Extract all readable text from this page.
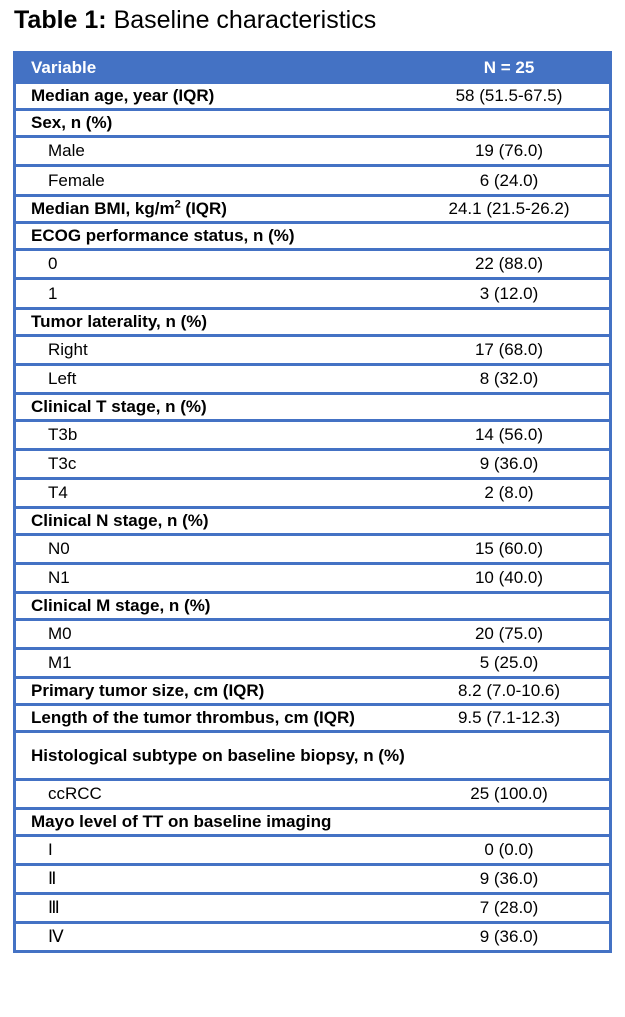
Table 1: Baseline characteristics
Variable	N = 25
Median age, year (IQR)	58 (51.5-67.5)
Sex, n (%)
Male	19 (76.0)
Female	6 (24.0)
Median BMI, $kg/m^2$ (IQR)	24.1 (21.5-26.2)
ECOG performance status, n (%)
0	22 (88.0)
1	3 (12.0)
Tumor laterality, n (%)
Right	17 (68.0)
Left	8 (32.0)
Clinical T stage, n (%)
T3b	14 (56.0)
T3c	9 (36.0)
T4	2 (8.0)
Clinical N stage, n (%)
N0	15 (60.0)
N1	10 (40.0)
Clinical M stage, n (%)
M0	20 (75.0)
M1	5 (25.0)
Primary tumor size, cm (IQR)	8.2 (7.0-10.6)
Length of the tumor thrombus, cm (IQR)	9.5 (7.1-12.3)
Histological subtype on baseline biopsy, n (%)
ccRCC	25 (100.0)
Mayo level of TT on baseline imaging
I	0 (0.0)
Ⅱ	9 (36.0)
Ⅲ	7 (28.0)
Ⅳ	9 (36.0)
